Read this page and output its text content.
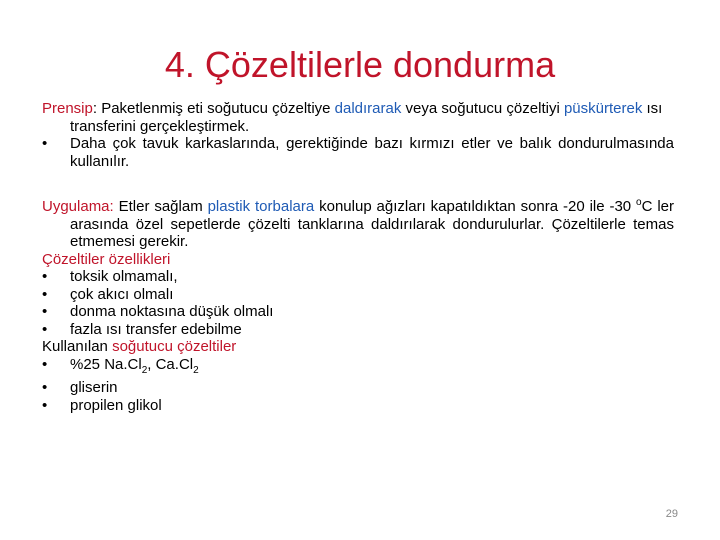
4. Çözeltilerle dondurma

Prensip: Paketlenmiş eti soğutucu çözeltiye daldırarak veya soğutucu çözeltiyi püskürterek ısı transferini gerçekleştirmek.

•	Daha çok tavuk karkaslarında, gerektiğinde bazı kırmızı etler ve balık dondurulmasında kullanılır.

Uygulama: Etler sağlam plastik torbalara konulup ağızları kapatıldıktan sonra -20 ile -30 $^o$C ler arasında özel sepetlerde çözelti tanklarına daldırılarak dondurulurlar. Çözeltilerle temas etmemesi gerekir.

Çözeltiler özellikleri
•	toksik olmamalı,
•	çok akıcı olmalı
•	donma noktasına düşük olmalı
•	fazla ısı transfer edebilme
Kullanılan soğutucu çözeltiler
•	%25 $Na.Cl_2$, $Ca.Cl_2$
•	gliserin
•	propilen glikol
29
